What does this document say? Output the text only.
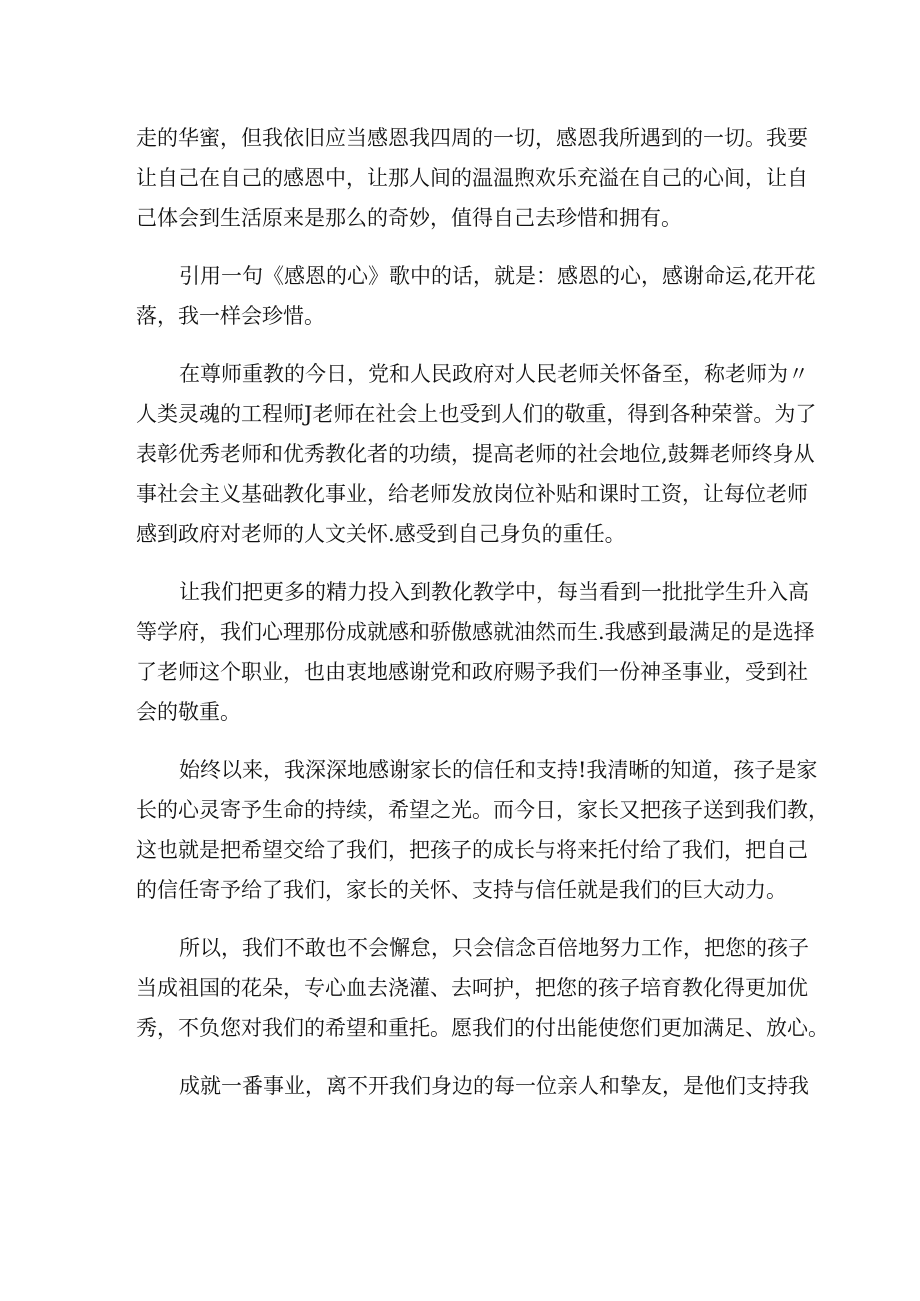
走的华蜜，但我依旧应当感恩我四周的一切，感恩我所遇到的一切。我要
让自己在自己的感恩中，让那人间的温温煦欢乐充溢在自己的心间，让自
己体会到生活原来是那么的奇妙，值得自己去珍惜和拥有。
引用一句《感恩的心》歌中的话，就是：感恩的心，感谢命运,花开花
落，我一样会珍惜。
在尊师重教的今日，党和人民政府对人民老师关怀备至，称老师为〃
人类灵魂的工程师J老师在社会上也受到人们的敬重，得到各种荣誉。为了
表彰优秀老师和优秀教化者的功绩，提高老师的社会地位,鼓舞老师终身从
事社会主义基础教化事业，给老师发放岗位补贴和课时工资，让每位老师
感到政府对老师的人文关怀.感受到自己身负的重任。
让我们把更多的精力投入到教化教学中，每当看到一批批学生升入高
等学府，我们心理那份成就感和骄傲感就油然而生.我感到最满足的是选择
了老师这个职业，也由衷地感谢党和政府赐予我们一份神圣事业，受到社
会的敬重。
始终以来，我深深地感谢家长的信任和支持!我清晰的知道，孩子是家
长的心灵寄予生命的持续，希望之光。而今日，家长又把孩子送到我们教，
这也就是把希望交给了我们，把孩子的成长与将来托付给了我们，把自己
的信任寄予给了我们，家长的关怀、支持与信任就是我们的巨大动力。
所以，我们不敢也不会懈怠，只会信念百倍地努力工作，把您的孩子
当成祖国的花朵，专心血去浇灌、去呵护，把您的孩子培育教化得更加优
秀，不负您对我们的希望和重托。愿我们的付出能使您们更加满足、放心。
成就一番事业，离不开我们身边的每一位亲人和挚友，是他们支持我
